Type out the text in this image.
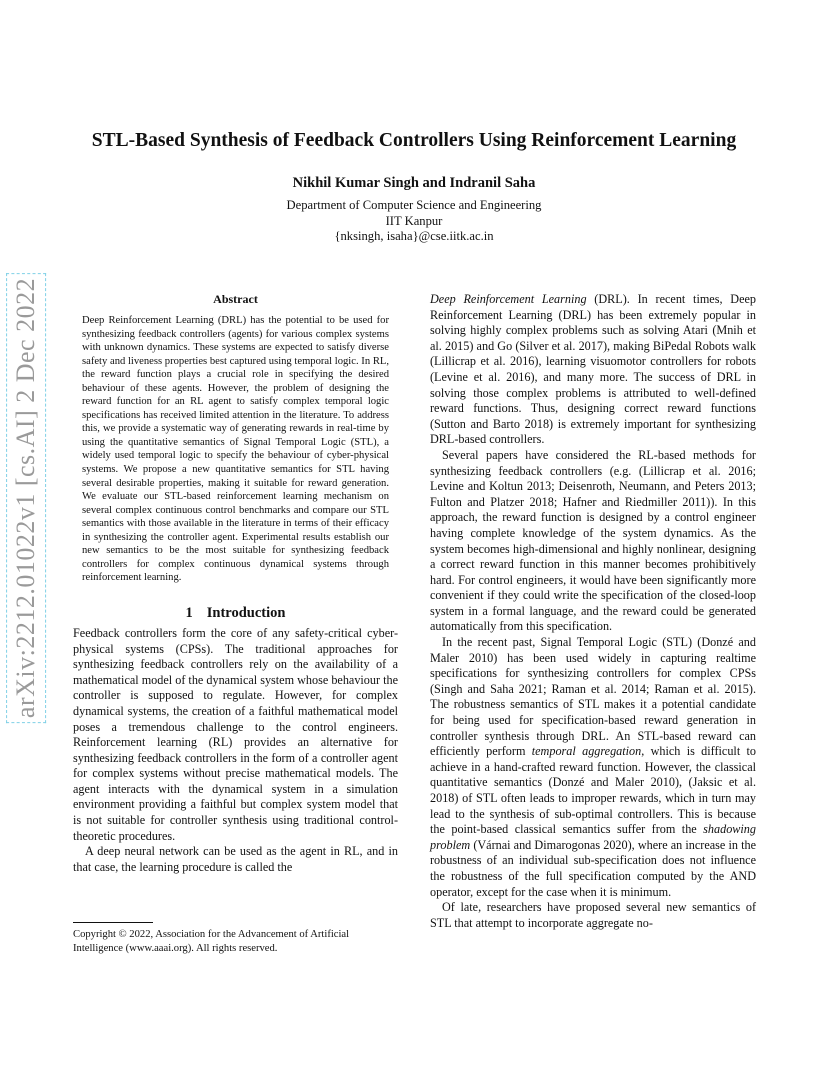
arXiv:2212.01022v1 [cs.AI] 2 Dec 2022
STL-Based Synthesis of Feedback Controllers Using Reinforcement Learning
Nikhil Kumar Singh and Indranil Saha
Department of Computer Science and Engineering
IIT Kanpur
{nksingh, isaha}@cse.iitk.ac.in
Abstract

Deep Reinforcement Learning (DRL) has the potential to be used for synthesizing feedback controllers (agents) for various complex systems with unknown dynamics. These systems are expected to satisfy diverse safety and liveness properties best captured using temporal logic. In RL, the reward function plays a crucial role in specifying the desired behaviour of these agents. However, the problem of designing the reward function for an RL agent to satisfy complex temporal logic specifications has received limited attention in the literature. To address this, we provide a systematic way of generating rewards in real-time by using the quantitative semantics of Signal Temporal Logic (STL), a widely used temporal logic to specify the behaviour of cyber-physical systems. We propose a new quantitative semantics for STL having several desirable properties, making it suitable for reward generation. We evaluate our STL-based reinforcement learning mechanism on several complex continuous control benchmarks and compare our STL semantics with those available in the literature in terms of their efficacy in synthesizing the controller agent. Experimental results establish our new semantics to be the most suitable for synthesizing feedback controllers for complex continuous dynamical systems through reinforcement learning.

1 Introduction

Feedback controllers form the core of any safety-critical cyber-physical systems (CPSs). The traditional approaches for synthesizing feedback controllers rely on the availability of a mathematical model of the dynamical system whose behaviour the controller is supposed to regulate. However, for complex dynamical systems, the creation of a faithful mathematical model poses a tremendous challenge to the control engineers. Reinforcement learning (RL) provides an alternative for synthesizing feedback controllers in the form of a controller agent for complex systems without precise mathematical models. The agent interacts with the dynamical system in a simulation environment providing a faithful but complex system model that is not suitable for controller synthesis using traditional control-theoretic procedures.

A deep neural network can be used as the agent in RL, and in that case, the learning procedure is called the

Deep Reinforcement Learning (DRL). In recent times, Deep Reinforcement Learning (DRL) has been extremely popular in solving highly complex problems such as solving Atari (Mnih et al. 2015) and Go (Silver et al. 2017), making BiPedal Robots walk (Lillicrap et al. 2016), learning visuomotor controllers for robots (Levine et al. 2016), and many more. The success of DRL in solving those complex problems is attributed to well-defined reward functions. Thus, designing correct reward functions (Sutton and Barto 2018) is extremely important for synthesizing DRL-based controllers.

Several papers have considered the RL-based methods for synthesizing feedback controllers (e.g. (Lillicrap et al. 2016; Levine and Koltun 2013; Deisenroth, Neumann, and Peters 2013; Fulton and Platzer 2018; Hafner and Riedmiller 2011)). In this approach, the reward function is designed by a control engineer having complete knowledge of the system dynamics. As the system becomes high-dimensional and highly nonlinear, designing a correct reward function in this manner becomes prohibitively hard. For control engineers, it would have been significantly more convenient if they could write the specification of the closed-loop system in a formal language, and the reward could be generated automatically from this specification.

In the recent past, Signal Temporal Logic (STL) (Donzé and Maler 2010) has been used widely in capturing realtime specifications for synthesizing controllers for complex CPSs (Singh and Saha 2021; Raman et al. 2014; Raman et al. 2015). The robustness semantics of STL makes it a potential candidate for being used for specification-based reward generation in controller synthesis through DRL. An STL-based reward can efficiently perform temporal aggregation, which is difficult to achieve in a hand-crafted reward function. However, the classical quantitative semantics (Donzé and Maler 2010), (Jaksic et al. 2018) of STL often leads to improper rewards, which in turn may lead to the synthesis of sub-optimal controllers. This is because the point-based classical semantics suffer from the shadowing problem (Várnai and Dimarogonas 2020), where an increase in the robustness of an individual sub-specification does not influence the robustness of the full specification computed by the AND operator, except for the case when it is minimum.

Of late, researchers have proposed several new semantics of STL that attempt to incorporate aggregate no-

Copyright © 2022, Association for the Advancement of Artificial Intelligence (www.aaai.org). All rights reserved.
